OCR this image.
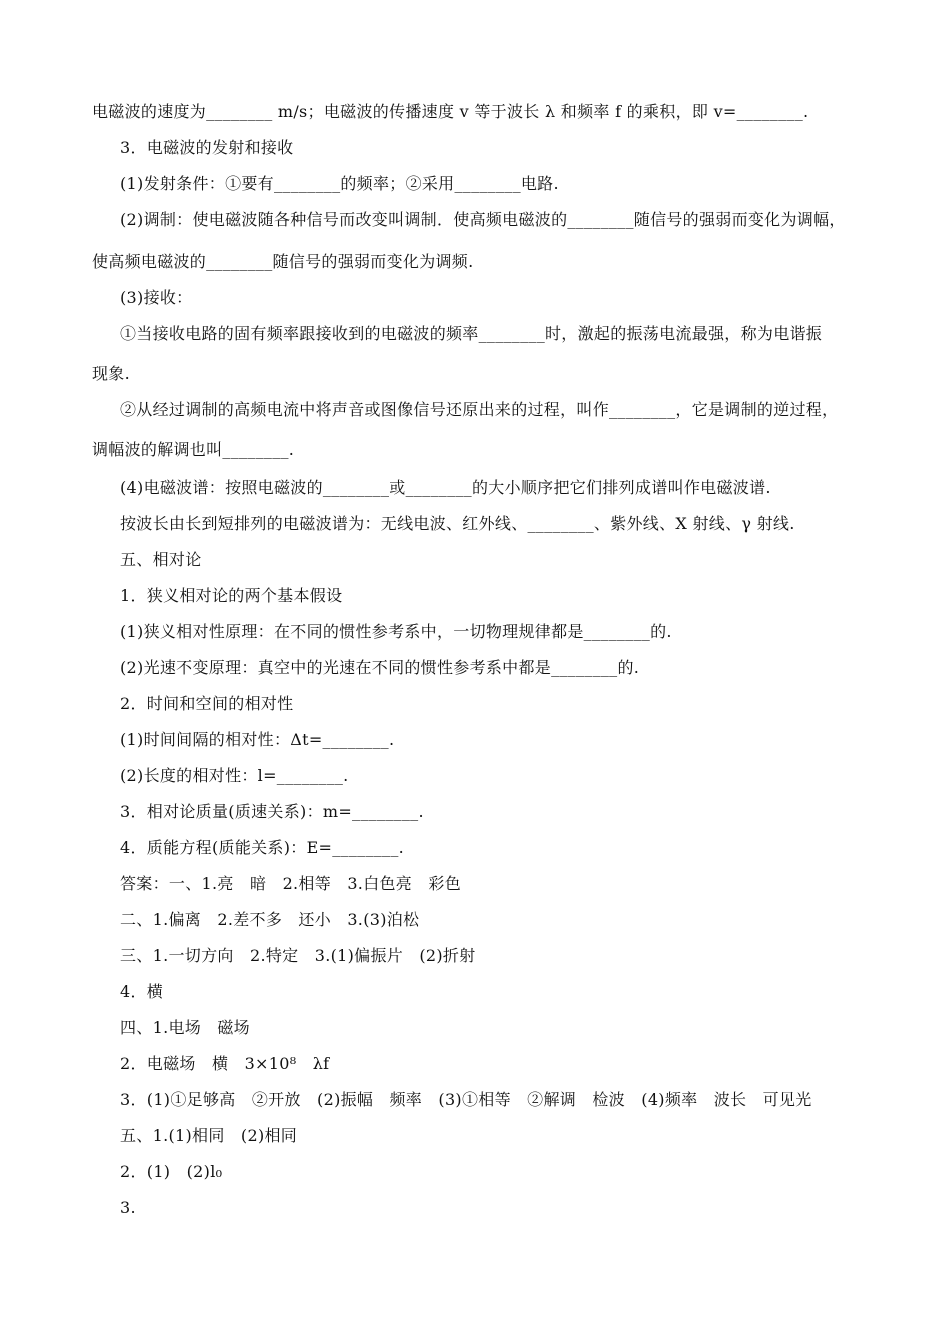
电磁波的速度为________ m/s；电磁波的传播速度 v 等于波长 λ 和频率 f 的乘积，即 v=________.
3．电磁波的发射和接收
(1)发射条件：①要有________的频率；②采用________电路.
(2)调制：使电磁波随各种信号而改变叫调制．使高频电磁波的________随信号的强弱而变化为调幅，
使高频电磁波的________随信号的强弱而变化为调频.
(3)接收：
①当接收电路的固有频率跟接收到的电磁波的频率________时，激起的振荡电流最强，称为电谐振
现象.
②从经过调制的高频电流中将声音或图像信号还原出来的过程，叫作________，它是调制的逆过程，
调幅波的解调也叫________.
(4)电磁波谱：按照电磁波的________或________的大小顺序把它们排列成谱叫作电磁波谱.
按波长由长到短排列的电磁波谱为：无线电波、红外线、________、紫外线、X 射线、γ 射线.
五、相对论
1．狭义相对论的两个基本假设
(1)狭义相对性原理：在不同的惯性参考系中，一切物理规律都是________的.
(2)光速不变原理：真空中的光速在不同的惯性参考系中都是________的.
2．时间和空间的相对性
(1)时间间隔的相对性：Δt=________.
(2)长度的相对性：l=________.
3．相对论质量(质速关系)：m=________.
4．质能方程(质能关系)：E=________.
答案：一、1.亮　暗　2.相等　3.白色亮　彩色
二、1.偏离　2.差不多　还小　3.(3)泊松
三、1.一切方向　2.特定　3.(1)偏振片　(2)折射
4．横
四、1.电场　磁场
2．电磁场　横　3×10⁸　λf
3．(1)①足够高　②开放　(2)振幅　频率　(3)①相等　②解调　检波　(4)频率　波长　可见光
五、1.(1)相同　(2)相同
2．(1)　(2)l₀
3.
